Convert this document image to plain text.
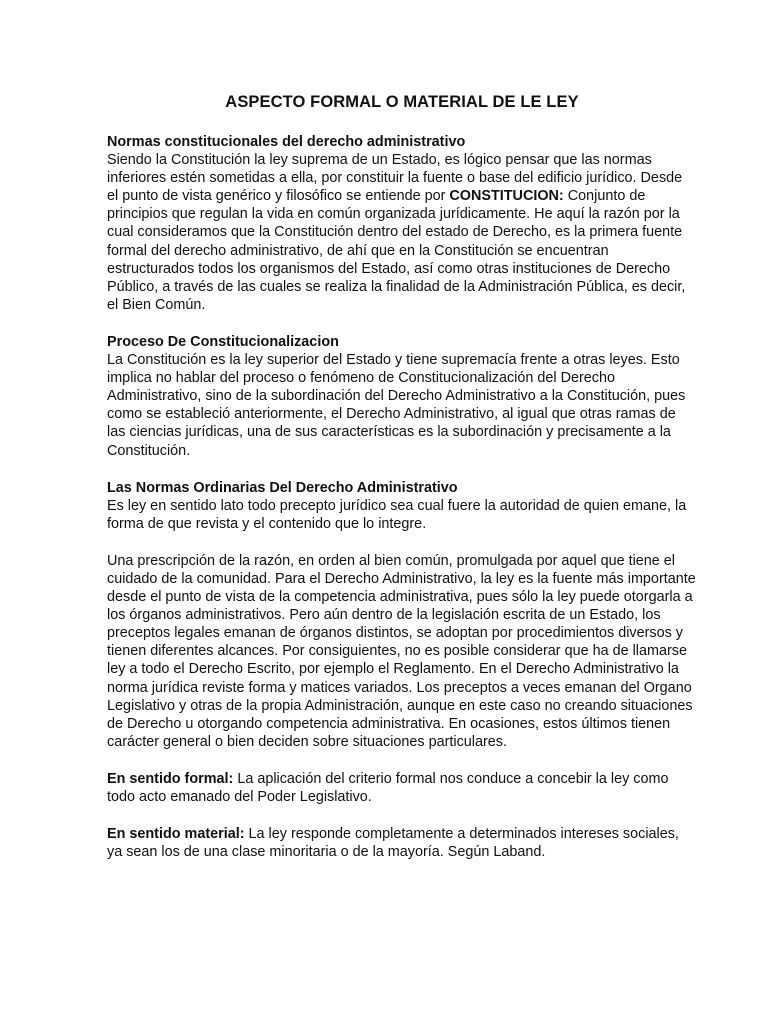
ASPECTO FORMAL O MATERIAL DE LE LEY

Normas constitucionales del derecho administrativo

Siendo la Constitución la ley suprema de un Estado, es lógico pensar que las normas inferiores estén sometidas a ella, por constituir la fuente o base del edificio jurídico. Desde el punto de vista genérico y filosófico se entiende por CONSTITUCION: Conjunto de principios que regulan la vida en común organizada jurídicamente. He aquí la razón por la cual consideramos que la Constitución dentro del estado de Derecho, es la primera fuente formal del derecho administrativo, de ahí que en la Constitución se encuentran estructurados todos los organismos del Estado, así como otras instituciones de Derecho Público, a través de las cuales se realiza la finalidad de la Administración Pública, es decir, el Bien Común.

Proceso De Constitucionalizacion

La Constitución es la ley superior del Estado y tiene supremacía frente a otras leyes. Esto implica no hablar del proceso o fenómeno de Constitucionalización del Derecho Administrativo, sino de la subordinación del Derecho Administrativo a la Constitución, pues como se estableció anteriormente, el Derecho Administrativo, al igual que otras ramas de las ciencias jurídicas, una de sus características es la subordinación y precisamente a la Constitución.

Las Normas Ordinarias Del Derecho Administrativo

Es ley en sentido lato todo precepto jurídico sea cual fuere la autoridad de quien emane, la forma de que revista y el contenido que lo integre.

Una prescripción de la razón, en orden al bien común, promulgada por aquel que tiene el cuidado de la comunidad. Para el Derecho Administrativo, la ley es la fuente más importante desde el punto de vista de la competencia administrativa, pues sólo la ley puede otorgarla a los órganos administrativos. Pero aún dentro de la legislación escrita de un Estado, los preceptos legales emanan de órganos distintos, se adoptan por procedimientos diversos y tienen diferentes alcances. Por consiguientes, no es posible considerar que ha de llamarse ley a todo el Derecho Escrito, por ejemplo el Reglamento. En el Derecho Administrativo la norma jurídica reviste forma y matices variados. Los preceptos a veces emanan del Organo Legislativo y otras de la propia Administración, aunque en este caso no creando situaciones de Derecho u otorgando competencia administrativa. En ocasiones, estos últimos tienen carácter general o bien deciden sobre situaciones particulares.

En sentido formal: La aplicación del criterio formal nos conduce a concebir la ley como todo acto emanado del Poder Legislativo.

En sentido material: La ley responde completamente a determinados intereses sociales, ya sean los de una clase minoritaria o de la mayoría. Según Laband.
